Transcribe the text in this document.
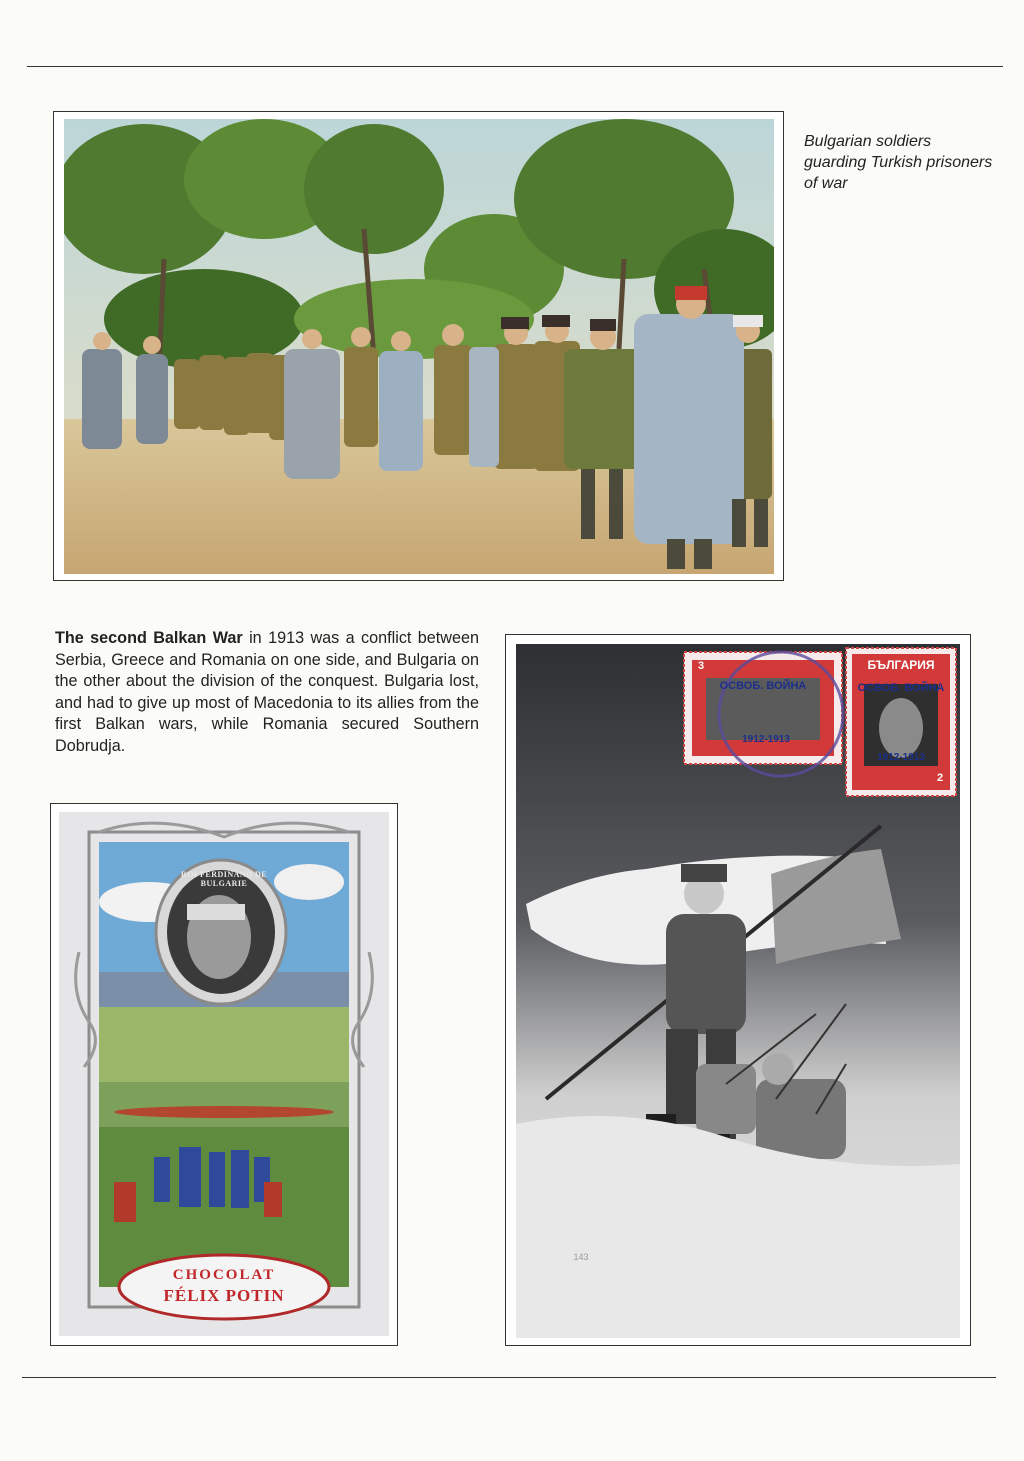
Bulgarian soldiers guarding Turkish prisoners of war
The second Balkan War in 1913 was a conflict between Serbia, Greece and Romania on one side, and Bulgaria on the other about the division of the conquest. Bulgaria lost, and had to give up most of Macedonia to its allies from the first Balkan wars, while Romania secured Southern Dobrudja.
ROI FERDINAND DE BULGARIE
CHOCOLAT
FÉLIX POTIN
ОСВОБ. ВОЙНА
1912-1913
3	БЪЛГАРИЯ
ОСВОБ. ВОЙНА
1912-1913
2
143
